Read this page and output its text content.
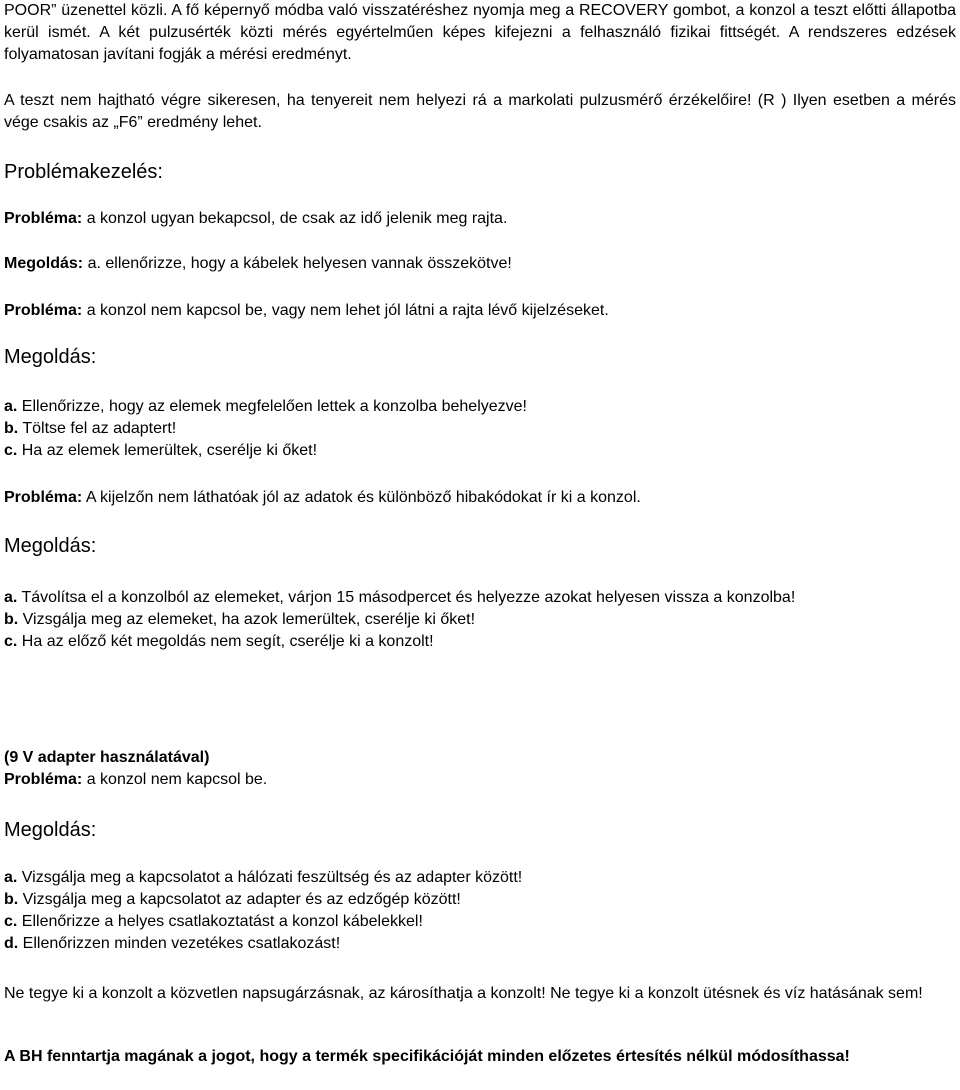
POOR” üzenettel közli. A fő képernyő módba való visszatéréshez nyomja meg a RECOVERY gombot, a konzol a teszt előtti állapotba kerül ismét. A két pulzusérték közti mérés egyértelműen képes kifejezni a felhasználó fizikai fittségét. A rendszeres edzések folyamatosan javítani fogják a mérési eredményt.

A teszt nem hajtható végre sikeresen, ha tenyereit nem helyezi rá a markolati pulzusmérő érzékelőire! (R ) Ilyen esetben a mérés vége csakis az „F6” eredmény lehet.

Problémakezelés:

Probléma: a konzol ugyan bekapcsol, de csak az idő jelenik meg rajta.

Megoldás: a. ellenőrizze, hogy a kábelek helyesen vannak összekötve!

Probléma: a konzol nem kapcsol be, vagy nem lehet jól látni a rajta lévő kijelzéseket.

Megoldás:

a. Ellenőrizze, hogy az elemek megfelelően lettek a konzolba behelyezve!
b. Töltse fel az adaptert!
c. Ha az elemek lemerültek, cserélje ki őket!

Probléma: A kijelzőn nem láthatóak jól az adatok és különböző hibakódokat ír ki a konzol.

Megoldás:

a. Távolítsa el a konzolból az elemeket, várjon 15 másodpercet és helyezze azokat helyesen vissza a konzolba!
b. Vizsgálja meg az elemeket, ha azok lemerültek, cserélje ki őket!
c. Ha az előző két megoldás nem segít, cserélje ki a konzolt!
(9 V adapter használatával)
Probléma: a konzol nem kapcsol be.

Megoldás:

a. Vizsgálja meg a kapcsolatot a hálózati feszültség és az adapter között!
b. Vizsgálja meg a kapcsolatot az adapter és az edzőgép között!
c. Ellenőrizze a helyes csatlakoztatást a konzol kábelekkel!
d. Ellenőrizzen minden vezetékes csatlakozást!

Ne tegye ki a konzolt a közvetlen napsugárzásnak, az károsíthatja a konzolt! Ne tegye ki a konzolt ütésnek és víz hatásának sem!

A BH fenntartja magának a jogot, hogy a termék specifikációját minden előzetes értesítés nélkül módosíthassa!
